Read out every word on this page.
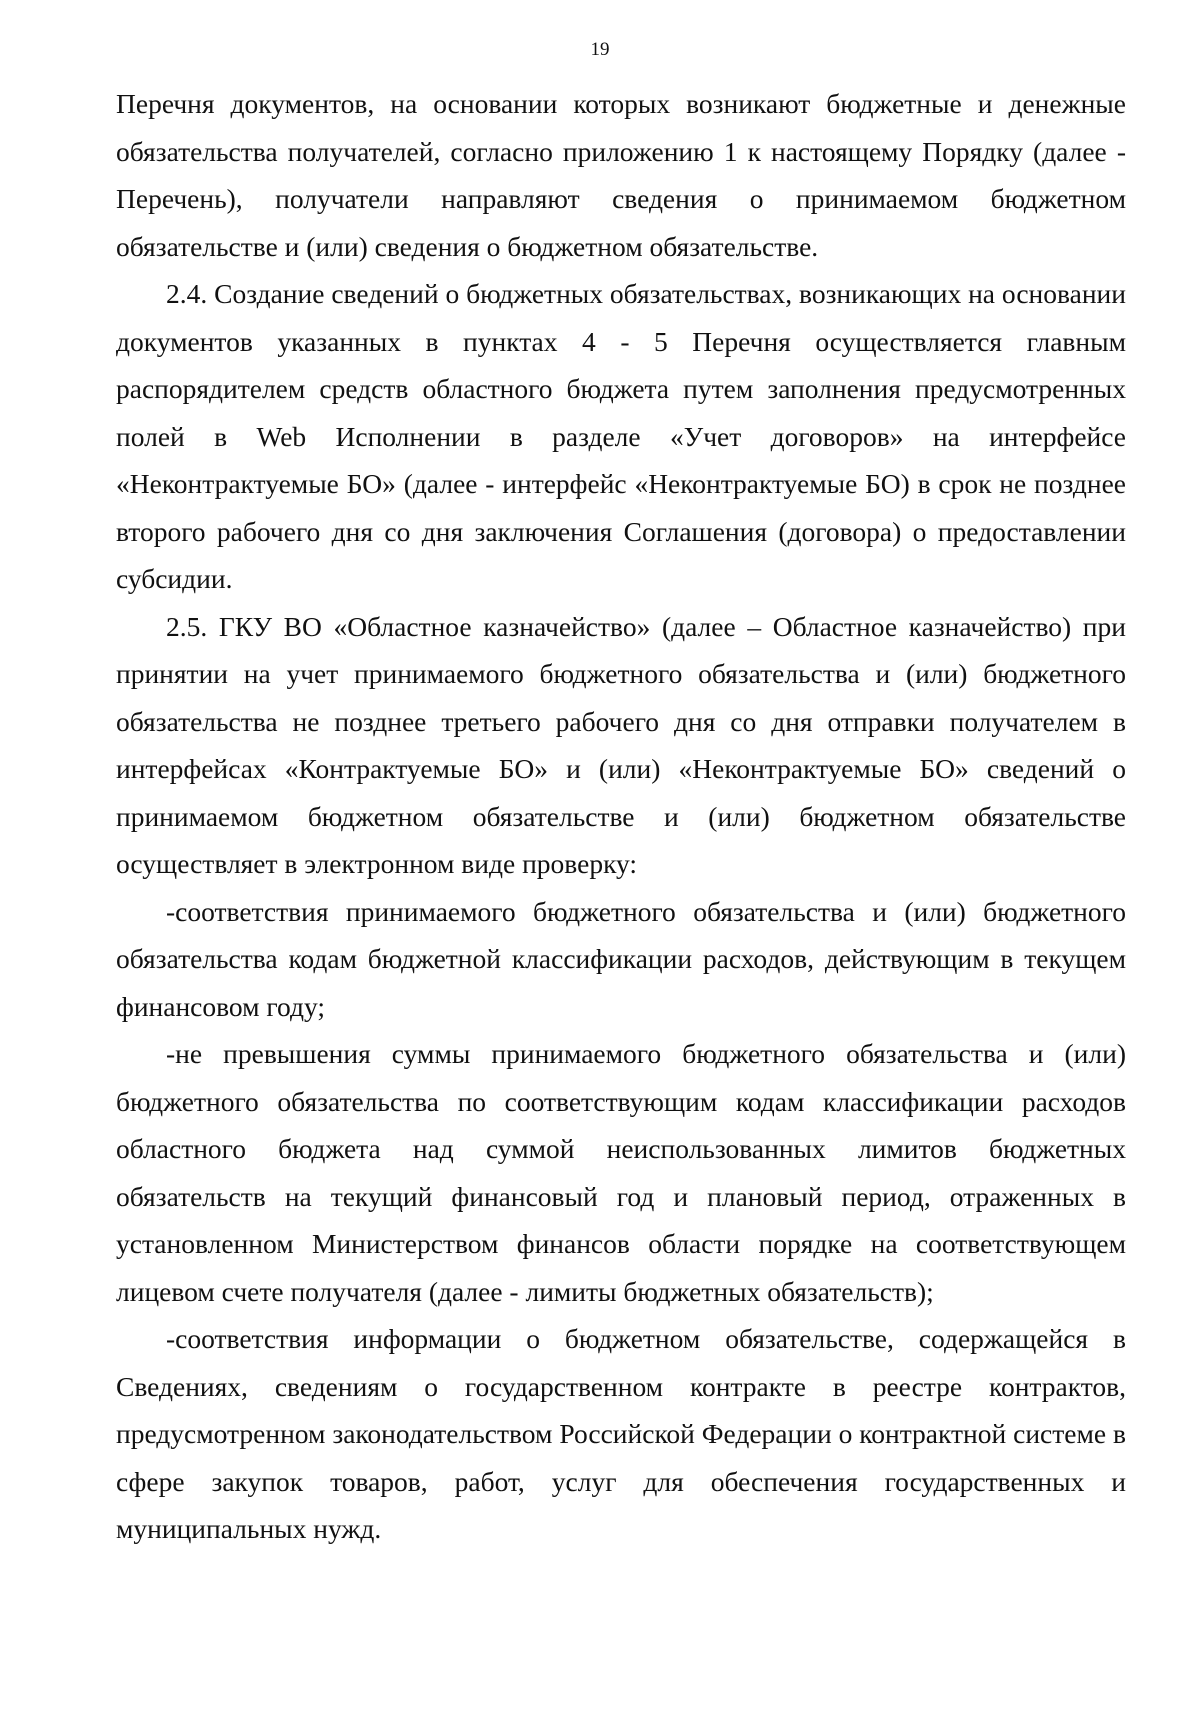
19

Перечня документов, на основании которых возникают бюджетные и денежные обязательства получателей, согласно приложению 1 к настоящему Порядку (далее - Перечень), получатели направляют сведения о принимаемом бюджетном обязательстве и (или) сведения о бюджетном обязательстве.

2.4. Создание сведений о бюджетных обязательствах, возникающих на основании документов указанных в пунктах 4 - 5 Перечня осуществляется главным распорядителем средств областного бюджета путем заполнения предусмотренных полей в Web Исполнении в разделе «Учет договоров» на интерфейсе «Неконтрактуемые БО» (далее - интерфейс «Неконтрактуемые БО) в срок не позднее второго рабочего дня со дня заключения Соглашения (договора) о предоставлении субсидии.

2.5. ГКУ ВО «Областное казначейство» (далее – Областное казначейство) при принятии на учет принимаемого бюджетного обязательства и (или) бюджетного обязательства не позднее третьего рабочего дня со дня отправки получателем в интерфейсах «Контрактуемые БО» и (или) «Неконтрактуемые БО» сведений о принимаемом бюджетном обязательстве и (или) бюджетном обязательстве осуществляет в электронном виде проверку:

-соответствия принимаемого бюджетного обязательства и (или) бюджетного обязательства кодам бюджетной классификации расходов, действующим в текущем финансовом году;

-не превышения суммы принимаемого бюджетного обязательства и (или) бюджетного обязательства по соответствующим кодам классификации расходов областного бюджета над суммой неиспользованных лимитов бюджетных обязательств на текущий финансовый год и плановый период, отраженных в установленном Министерством финансов области порядке на соответствующем лицевом счете получателя (далее - лимиты бюджетных обязательств);

-соответствия информации о бюджетном обязательстве, содержащейся в Сведениях, сведениям о государственном контракте в реестре контрактов, предусмотренном законодательством Российской Федерации о контрактной системе в сфере закупок товаров, работ, услуг для обеспечения государственных и муниципальных нужд.
